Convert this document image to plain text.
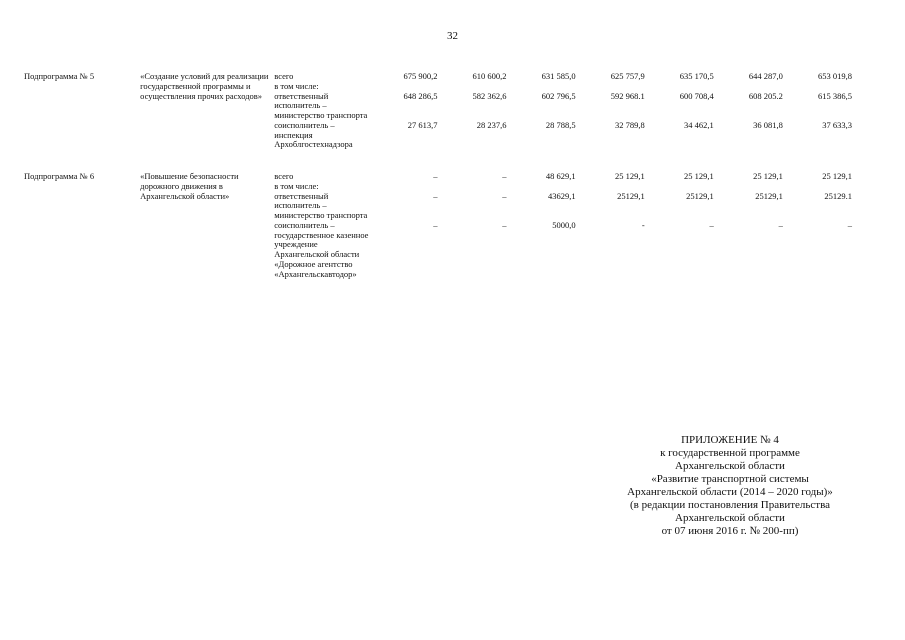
32
Подпрограмма № 5	«Создание условий для реализации государственной программы и осуществления прочих расходов»	всего	675 900,2	610 600,2	631 585,0	625 757,9	635 170,5	644 287,0	653 019,8
		в том числе:							
		ответственный исполнитель – министерство транспорта	648 286,5	582 362,6	602 796,5	592 968.1	600 708,4	608 205.2	615 386,5
		соисполнитель – инспекция Архоблгостехнадзора	27 613,7	28 237,6	28 788,5	32 789,8	34 462,1	36 081,8	37 633,3

Подпрограмма № 6	«Повышение безопасности дорожного движения в Архангельской области»	всего	–	–	48 629,1	25 129,1	25 129,1	25 129,1	25 129,1
		в том числе:							
		ответственный исполнитель – министерство транспорта	–	–	43629,1	25129,1	25129,1	25129,1	25129.1
		соисполнитель – государственное казенное учреждение Архангельской области «Дорожное агентство «Архангельскавтодор»	–	–	5000,0	-	–	–	–
ПРИЛОЖЕНИЕ № 4
к государственной программе
Архангельской области
«Развитие транспортной системы
Архангельской области (2014 – 2020 годы)»
(в редакции постановления Правительства
Архангельской области
от 07 июня 2016 г. № 200-пп)
